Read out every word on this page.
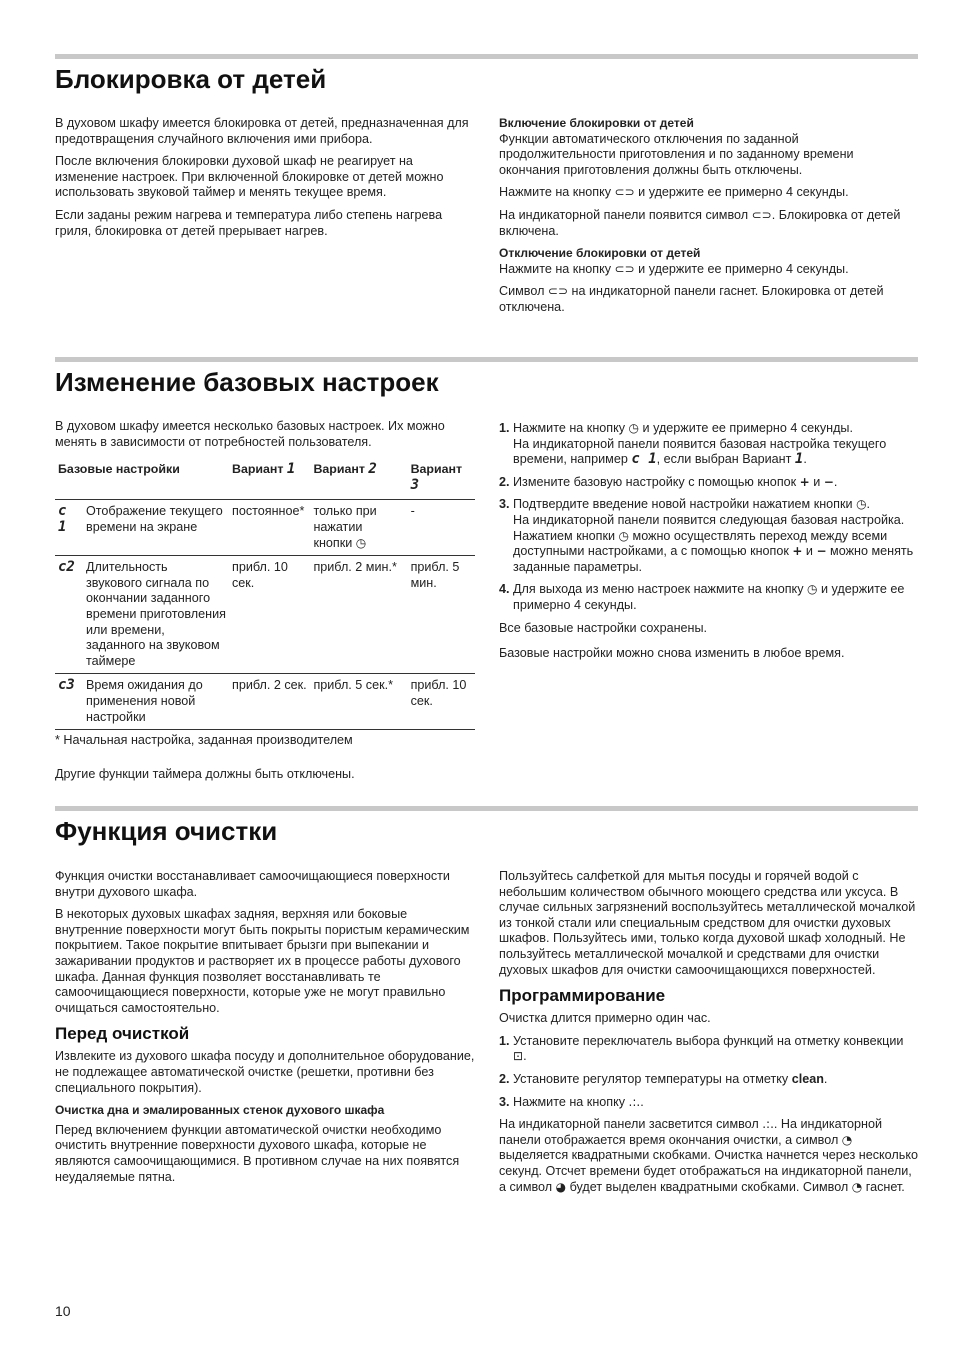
Блокировка от детей

В духовом шкафу имеется блокировка от детей, предназначенная для предотвращения случайного включения ими прибора.

После включения блокировки духовой шкаф не реагирует на изменение настроек. При включенной блокировке от детей можно использовать звуковой таймер и менять текущее время.

Если заданы режим нагрева и температура либо степень нагрева гриля, блокировка от детей прерывает нагрев.

Включение блокировки от детей

Функции автоматического отключения по заданной продолжительности приготовления и по заданному времени окончания приготовления должны быть отключены.

Нажмите на кнопку ⊂⊃ и удержите ее примерно 4 секунды.

На индикаторной панели появится символ ⊂⊃. Блокировка от детей включена.

Отключение блокировки от детей

Нажмите на кнопку ⊂⊃ и удержите ее примерно 4 секунды.

Символ ⊂⊃ на индикаторной панели гаснет. Блокировка от детей отключена.

Изменение базовых настроек

В духовом шкафу имеется несколько базовых настроек. Их можно менять в зависимости от потребностей пользователя.

Базовые настройки		Вариант 1	Вариант 2	Вариант 3
c 1	Отображение текущего времени на экране	постоянное*	только при нажатии кнопки ◷	-
c2	Длительность звукового сигнала по окончании заданного времени приготовления или времени, заданного на звуковом таймере	прибл. 10 сек.	прибл. 2 мин.*	прибл. 5 мин.
c3	Время ожидания до применения новой настройки	прибл. 2 сек.	прибл. 5 сек.*	прибл. 10 сек.
* Начальная настройка, заданная производителем

Другие функции таймера должны быть отключены.

1. Нажмите на кнопку ◷ и удержите ее примерно 4 секунды.
На индикаторной панели появится базовая настройка текущего времени, например c 1, если выбран Вариант 1.
2. Измените базовую настройку с помощью кнопок + и −.
3. Подтвердите введение новой настройки нажатием кнопки ◷.
На индикаторной панели появится следующая базовая настройка. Нажатием кнопки ◷ можно осуществлять переход между всеми доступными настройками, а с помощью кнопок + и − можно менять заданные параметры.
4. Для выхода из меню настроек нажмите на кнопку ◷ и удержите ее примерно 4 секунды.

Все базовые настройки сохранены.

Базовые настройки можно снова изменить в любое время.

Функция очистки

Функция очистки восстанавливает самоочищающиеся поверхности внутри духового шкафа.

В некоторых духовых шкафах задняя, верхняя или боковые внутренние поверхности могут быть покрыты пористым керамическим покрытием. Такое покрытие впитывает брызги при выпекании и зажаривании продуктов и растворяет их в процессе работы духового шкафа. Данная функция позволяет восстанавливать те самоочищающиеся поверхности, которые уже не могут правильно очищаться самостоятельно.

Перед очисткой

Извлеките из духового шкафа посуду и дополнительное оборудование, не подлежащее автоматической очистке (решетки, противни без специального покрытия).

Очистка дна и эмалированных стенок духового шкафа

Перед включением функции автоматической очистки необходимо очистить внутренние поверхности духового шкафа, которые не являются самоочищающимися. В противном случае на них появятся неудаляемые пятна.

Пользуйтесь салфеткой для мытья посуды и горячей водой с небольшим количеством обычного моющего средства или уксуса. В случае сильных загрязнений воспользуйтесь металлической мочалкой из тонкой стали или специальным средством для очистки духовых шкафов. Пользуйтесь ими, только когда духовой шкаф холодный. Не пользуйтесь металлической мочалкой и средствами для очистки духовых шкафов для очистки самоочищающихся поверхностей.

Программирование

Очистка длится примерно один час.

1. Установите переключатель выбора функций на отметку конвекции ⊡.
2. Установите регулятор температуры на отметку clean.
3. Нажмите на кнопку .:..

На индикаторной панели засветится символ .:.. На индикаторной панели отображается время окончания очистки, а символ ◔ выделяется квадратными скобками. Очистка начнется через несколько секунд. Отсчет времени будет отображаться на индикаторной панели, а символ ◕ будет выделен квадратными скобками. Символ ◔ гаснет.

10
